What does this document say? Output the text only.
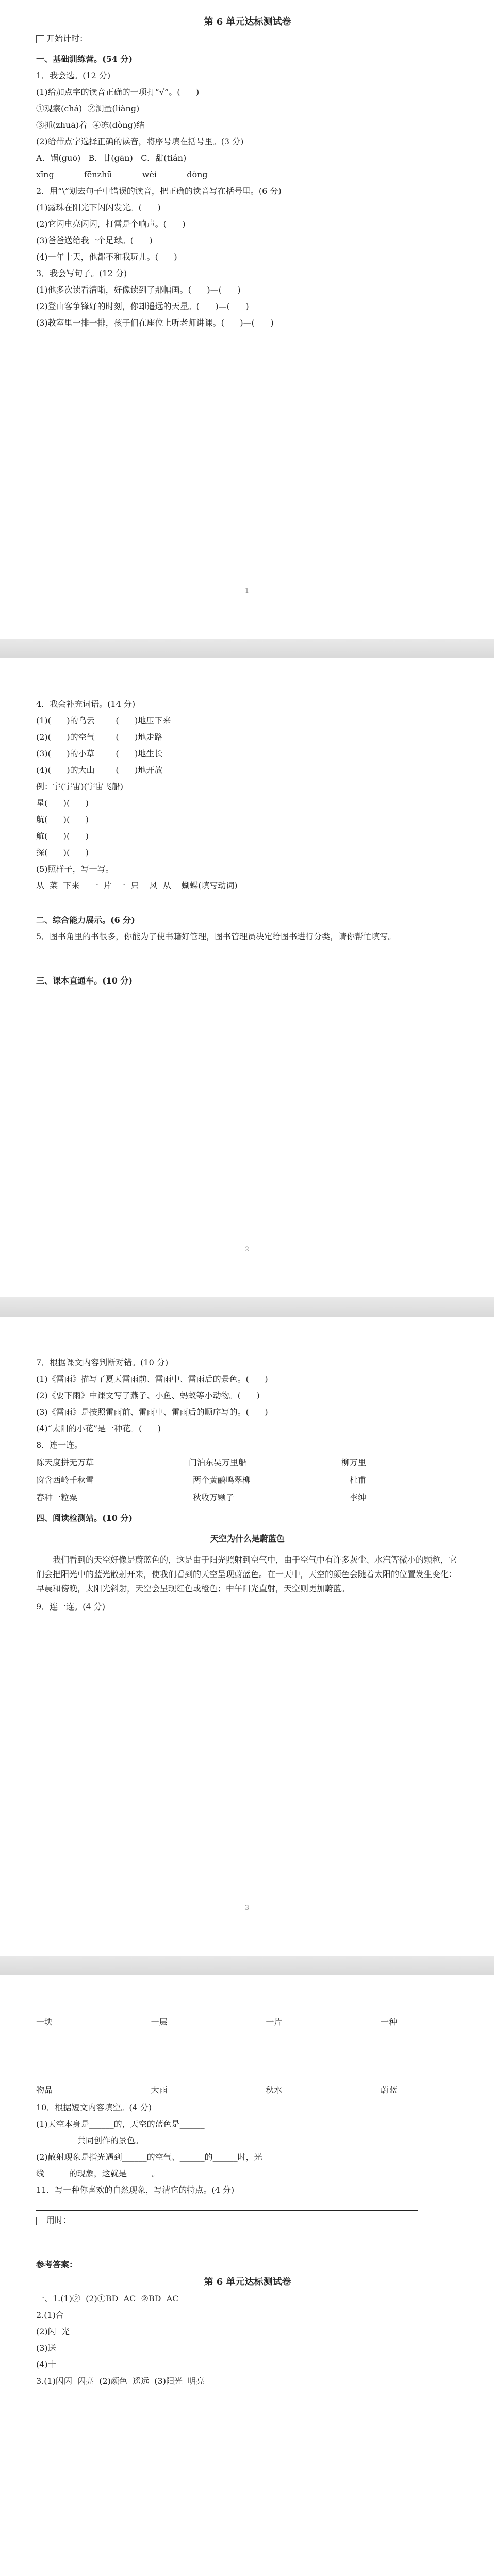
第 6 单元达标测试卷
开始计时：
一、基础训练营。(54 分)
1．我会选。(12 分)
(1)给加点字的读音正确的一项打“√”。(      )
①观察(chá)  ②测量(liàng)
③抓(zhuā)着  ④冻(dòng)结
(2)给带点字选择正确的读音，将序号填在括号里。(3 分)
A．锅(guō)   B．甘(gān)   C．甜(tián)
xīng______  fēnzhū______  wèi______  dòng______
2．用“\”划去句子中错误的读音，把正确的读音写在括号里。(6 分)
(1)露珠在阳光下闪闪发光。(      )
(2)它闪电亮闪闪，打雷是个响声。(      )
(3)爸爸送给我一个足球。(      )
(4)一年十天，他都不和我玩儿。(      )
3．我会写句子。(12 分)
(1)他多次读看清晰，好像读到了那幅画。(      )—(      )
(2)登山客争锋好的时刻，你却遥远的天星。(      )—(      )
(3)教室里一排一排，孩子们在座位上听老师讲课。(      )—(      )
1
4．我会补充词语。(14 分)
(1)(      )的乌云        (      )地压下来
(2)(      )的空气        (      )地走路
(3)(      )的小草        (      )地生长
(4)(      )的大山        (      )地开放
例：宇(宇宙)(宇宙飞船)
星(      )(      )
航(      )(      )
航(      )(      )
探(      )(      )
(5)照样子，写一写。
从  菜  下来    一  片  一  只    风  从    蝴蝶(填写动词)
二、综合能力展示。(6 分)
5．图书角里的书很多，你能为了使书籍好管理，图书管理员决定给图书进行分类，请你帮忙填写。
三、课本直通车。(10 分)
2
7．根据课文内容判断对错。(10 分)
(1)《雷雨》描写了夏天雷雨前、雷雨中、雷雨后的景色。(      )
(2)《要下雨》中课文写了燕子、小鱼、蚂蚁等小动物。(      )
(3)《雷雨》是按照雷雨前、雷雨中、雷雨后的顺序写的。(      )
(4)“太阳的小花”是一种花。(      )
8．连一连。
陈天度拼无万草	门泊东吴万里船	柳万里
窗含西岭千秋雪	两个黄鹂鸣翠柳	杜甫
春种一粒粟	秋收万颗子	李绅
四、阅读检测站。(10 分)
天空为什么是蔚蓝色
我们看到的天空好像是蔚蓝色的，这是由于阳光照射到空气中，由于空气中有许多灰尘、水汽等微小的颗粒，它们会把阳光中的蓝光散射开来，使我们看到的天空呈现蔚蓝色。在一天中，天空的颜色会随着太阳的位置发生变化：早晨和傍晚，太阳光斜射，天空会呈现红色或橙色；中午阳光直射，天空则更加蔚蓝。
9．连一连。(4 分)
3
一块	一层	一片	一种
物品	大雨	秋水	蔚蓝
10．根据短文内容填空。(4 分)
(1)天空本身是______的，天空的蓝色是______
__________共同创作的景色。
(2)散射现象是指光遇到______的空气、______的______时，光
线______的现象，这就是______。
11．写一种你喜欢的自然现象，写清它的特点。(4 分)
用时：
参考答案：
第 6 单元达标测试卷
一、1.(1)②  (2)①BD  AC  ②BD  AC
2.(1)合
(2)闪  光
(3)送
(4)十
3.(1)闪闪  闪亮  (2)颜色  遥远  (3)阳光  明亮
